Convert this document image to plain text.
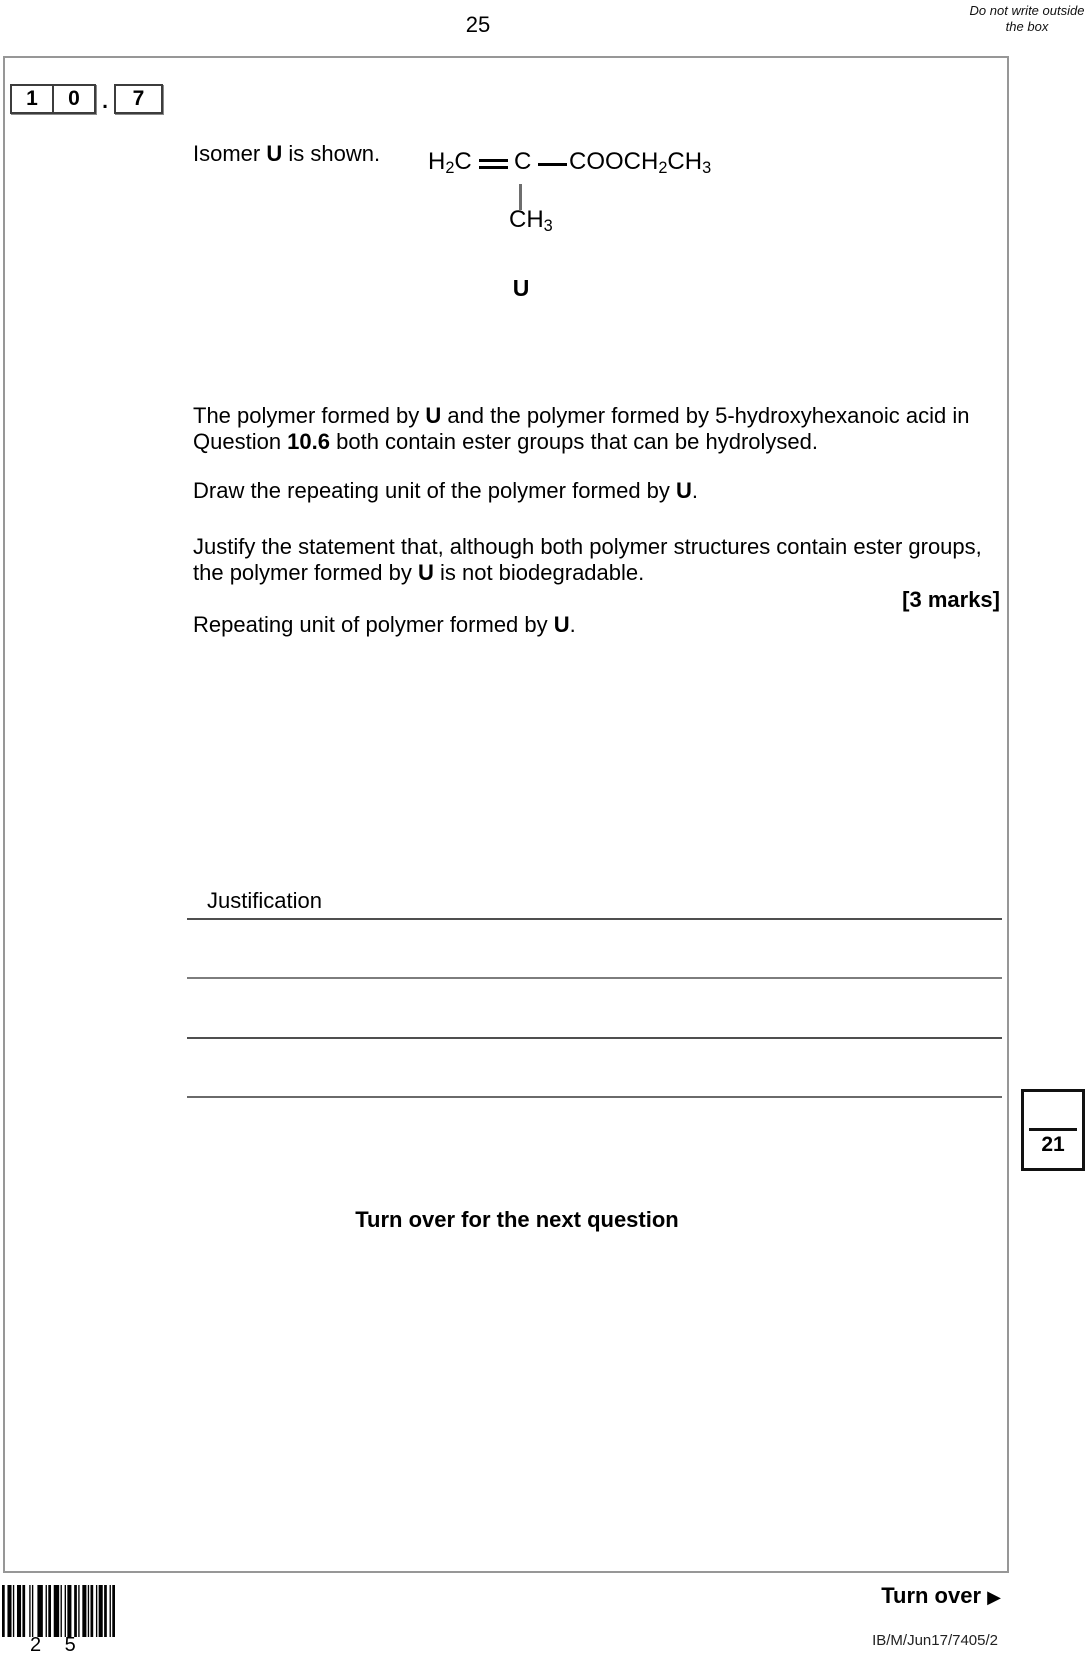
Do not write outside the box
25
1	0	.	7
Isomer U is shown. H2C C COOCH2CH3
CH3
U

The polymer formed by U and the polymer formed by 5-hydroxyhexanoic acid in Question 10.6 both contain ester groups that can be hydrolysed.

Draw the repeating unit of the polymer formed by U.

Justify the statement that, although both polymer structures contain ester groups, the polymer formed by U is not biodegradable.

[3 marks]

Repeating unit of polymer formed by U.

Justification
Turn over for the next question
21
2 5
Turn over ▶
IB/M/Jun17/7405/2
